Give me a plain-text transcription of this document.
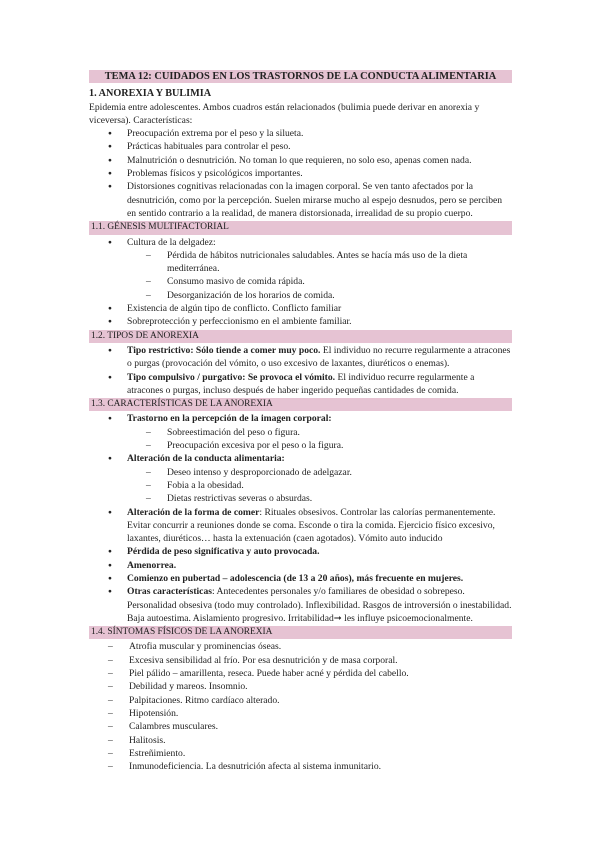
TEMA 12: CUIDADOS EN LOS TRASTORNOS DE LA CONDUCTA ALIMENTARIA

1. ANOREXIA Y BULIMIA

Epidemia entre adolescentes. Ambos cuadros están relacionados (bulimia puede derivar en anorexia y viceversa). Características:

● Preocupación extrema por el peso y la silueta.
● Prácticas habituales para controlar el peso.
● Malnutrición o desnutrición. No toman lo que requieren, no solo eso, apenas comen nada.
● Problemas físicos y psicológicos importantes.
● Distorsiones cognitivas relacionadas con la imagen corporal. Se ven tanto afectados por la desnutrición, como por la percepción. Suelen mirarse mucho al espejo desnudos, pero se perciben en sentido contrario a la realidad, de manera distorsionada, irrealidad de su propio cuerpo.
1.1. GÉNESIS MULTIFACTORIAL
● Cultura de la delgadez:
– Pérdida de hábitos nutricionales saludables. Antes se hacía más uso de la dieta mediterránea.
– Consumo masivo de comida rápida.
– Desorganización de los horarios de comida.
● Existencia de algún tipo de conflicto. Conflicto familiar
● Sobreprotección y perfeccionismo en el ambiente familiar.
1.2. TIPOS DE ANOREXIA
● Tipo restrictivo: Sólo tiende a comer muy poco. El individuo no recurre regularmente a atracones o purgas (provocación del vómito, o uso excesivo de laxantes, diuréticos o enemas).
● Tipo compulsivo / purgativo: Se provoca el vómito. El individuo recurre regularmente a atracones o purgas, incluso después de haber ingerido pequeñas cantidades de comida.
1.3. CARACTERÍSTICAS DE LA ANOREXIA
● Trastorno en la percepción de la imagen corporal:
– Sobreestimación del peso o figura.
– Preocupación excesiva por el peso o la figura.
● Alteración de la conducta alimentaria:
– Deseo intenso y desproporcionado de adelgazar.
– Fobia a la obesidad.
– Dietas restrictivas severas o absurdas.
● Alteración de la forma de comer: Rituales obsesivos. Controlar las calorías permanentemente. Evitar concurrir a reuniones donde se coma. Esconde o tira la comida. Ejercicio físico excesivo, laxantes, diuréticos… hasta la extenuación (caen agotados). Vómito auto inducido
● Pérdida de peso significativa y auto provocada.
● Amenorrea.
● Comienzo en pubertad – adolescencia (de 13 a 20 años), más frecuente en mujeres.
● Otras características: Antecedentes personales y/o familiares de obesidad o sobrepeso. Personalidad obsesiva (todo muy controlado). Inflexibilidad. Rasgos de introversión o inestabilidad. Baja autoestima. Aislamiento progresivo. Irritabilidad➞ les influye psicoemocionalmente.
1.4. SÍNTOMAS FÍSICOS DE LA ANOREXIA
– Atrofia muscular y prominencias óseas.
– Excesiva sensibilidad al frío. Por esa desnutrición y de masa corporal.
– Piel pálido – amarillenta, reseca. Puede haber acné y pérdida del cabello.
– Debilidad y mareos. Insomnio.
– Palpitaciones. Ritmo cardíaco alterado.
– Hipotensión.
– Calambres musculares.
– Halitosis.
– Estreñimiento.
– Inmunodeficiencia. La desnutrición afecta al sistema inmunitario.
